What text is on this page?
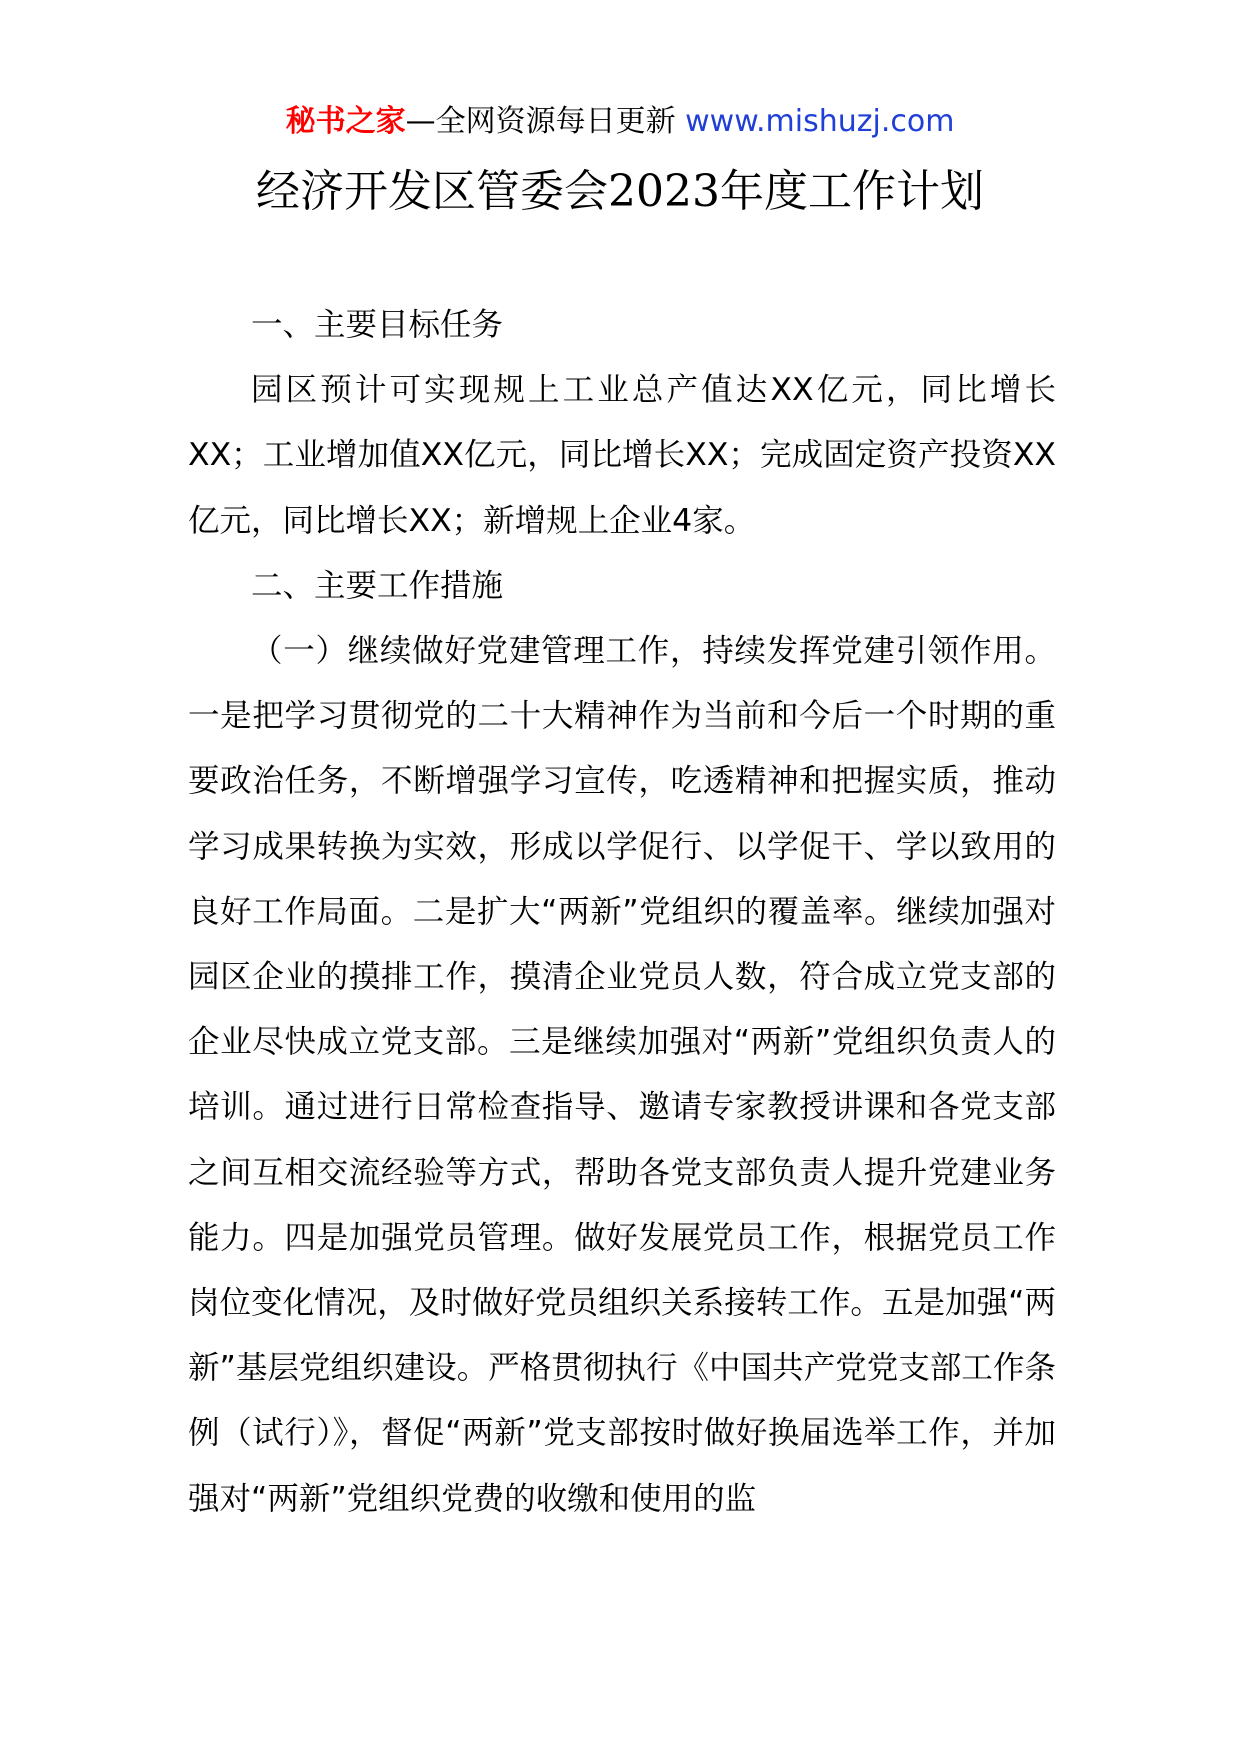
秘书之家—全网资源每日更新 www.mishuzj.com
经济开发区管委会2023年度工作计划

一、主要目标任务

园区预计可实现规上工业总产值达XX亿元，同比增长XX；工业增加值XX亿元，同比增长XX；完成固定资产投资XX亿元，同比增长XX；新增规上企业4家。

二、主要工作措施

（一）继续做好党建管理工作，持续发挥党建引领作用。一是把学习贯彻党的二十大精神作为当前和今后一个时期的重要政治任务，不断增强学习宣传，吃透精神和把握实质，推动学习成果转换为实效，形成以学促行、以学促干、学以致用的良好工作局面。二是扩大“两新”党组织的覆盖率。继续加强对园区企业的摸排工作，摸清企业党员人数，符合成立党支部的企业尽快成立党支部。三是继续加强对“两新”党组织负责人的培训。通过进行日常检查指导、邀请专家教授讲课和各党支部之间互相交流经验等方式，帮助各党支部负责人提升党建业务能力。四是加强党员管理。做好发展党员工作，根据党员工作岗位变化情况，及时做好党员组织关系接转工作。五是加强“两新”基层党组织建设。严格贯彻执行《中国共产党党支部工作条例（试行）》，督促“两新”党支部按时做好换届选举工作，并加强对“两新”党组织党费的收缴和使用的监
